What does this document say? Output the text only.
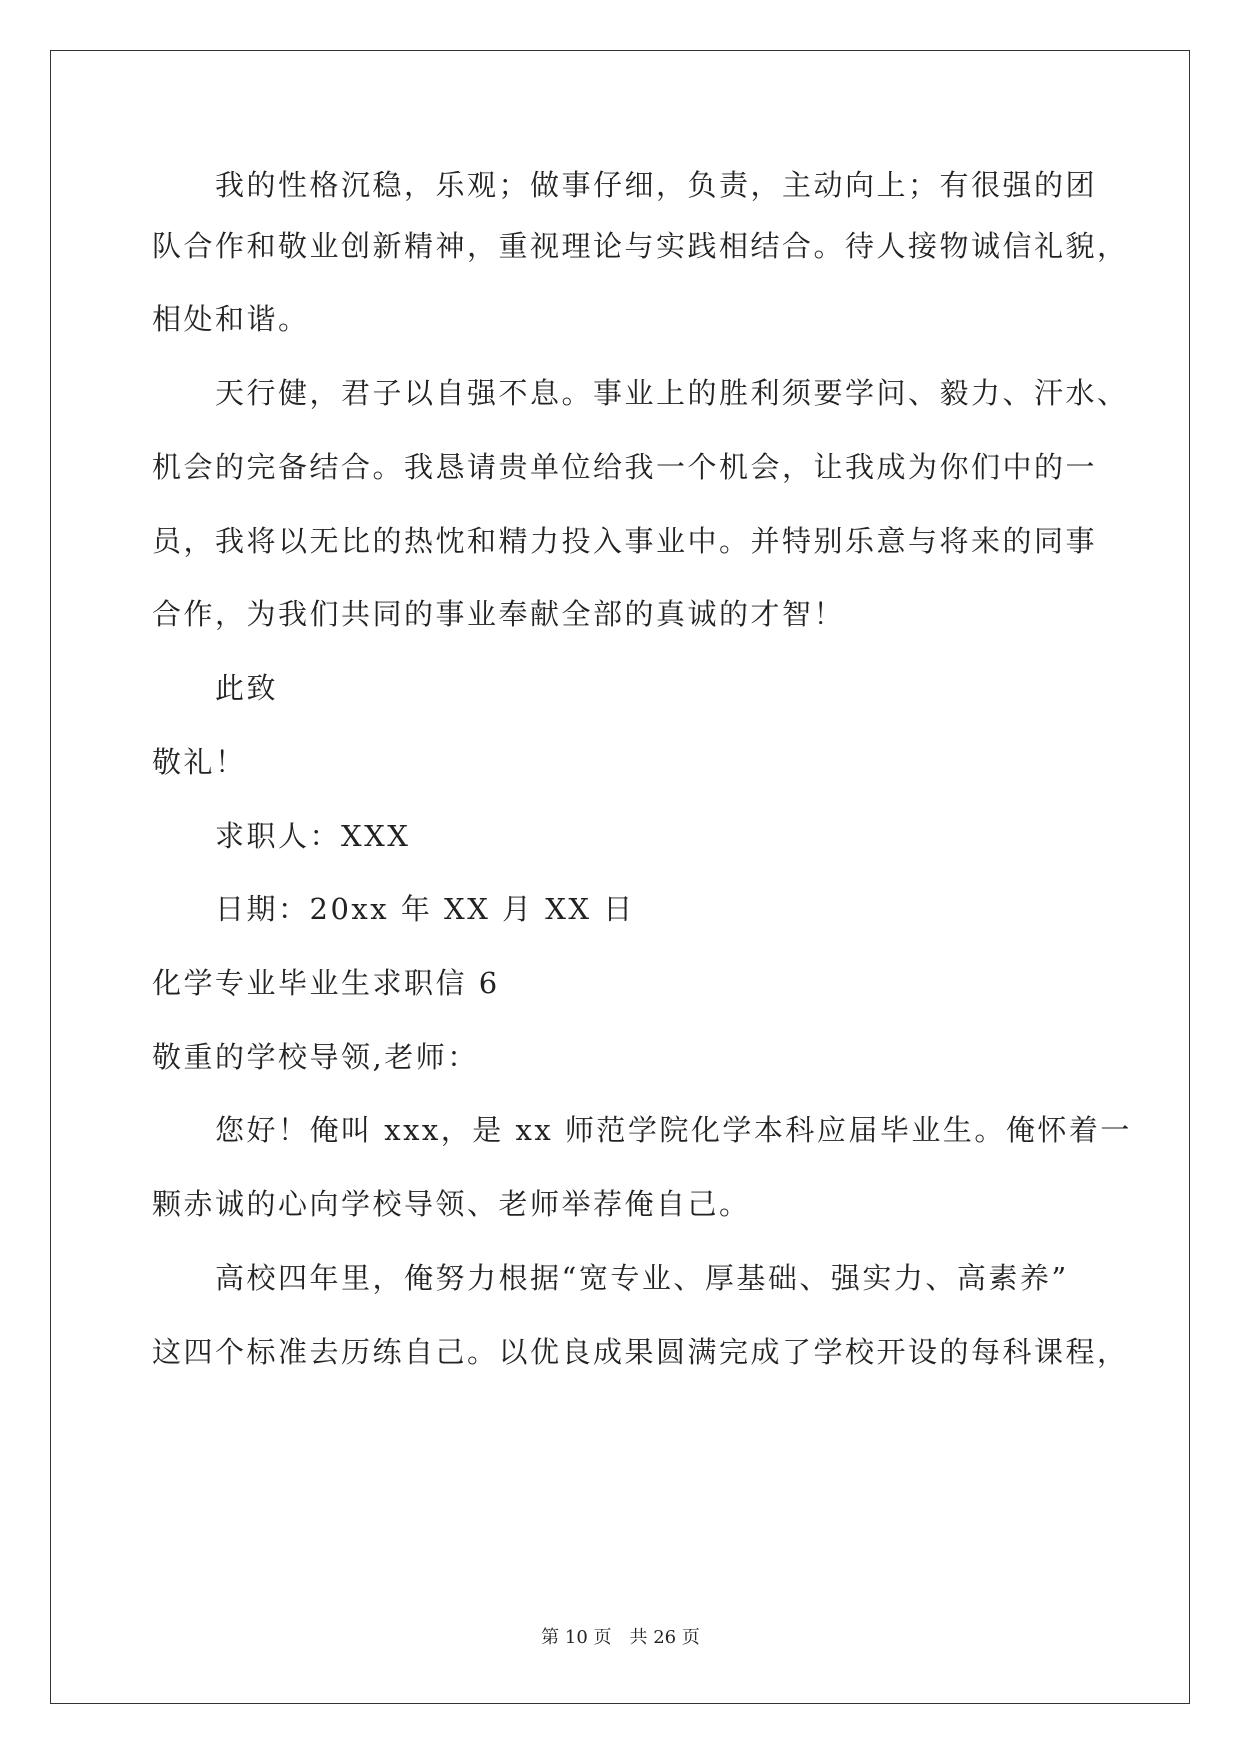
我的性格沉稳，乐观；做事仔细，负责，主动向上；有很强的团
队合作和敬业创新精神，重视理论与实践相结合。待人接物诚信礼貌，
相处和谐。
天行健，君子以自强不息。事业上的胜利须要学问、毅力、汗水、
机会的完备结合。我恳请贵单位给我一个机会，让我成为你们中的一
员，我将以无比的热忱和精力投入事业中。并特别乐意与将来的同事
合作，为我们共同的事业奉献全部的真诚的才智！
此致
敬礼！
求职人：XXX
日期：20xx 年 XX 月 XX 日
化学专业毕业生求职信 6
敬重的学校导领,老师：
您好！俺叫 xxx，是 xx 师范学院化学本科应届毕业生。俺怀着一
颗赤诚的心向学校导领、老师举荐俺自己。
高校四年里，俺努力根据“宽专业、厚基础、强实力、高素养”
这四个标准去历练自己。以优良成果圆满完成了学校开设的每科课程，
第 10 页　共 26 页
